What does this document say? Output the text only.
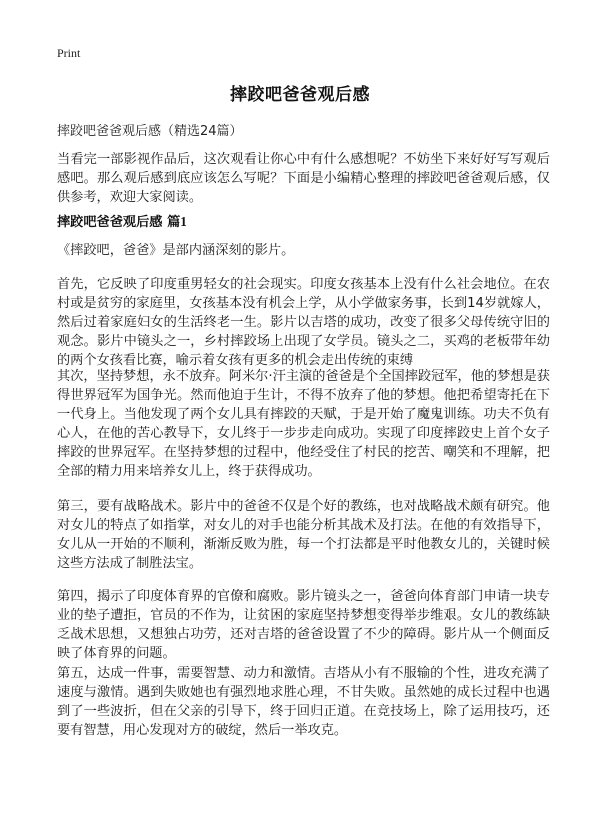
Print
摔跤吧爸爸观后感
摔跤吧爸爸观后感（精选24篇）
当看完一部影视作品后，这次观看让你心中有什么感想呢？不妨坐下来好好写写观后感吧。那么观后感到底应该怎么写呢？下面是小编精心整理的摔跤吧爸爸观后感，仅供参考，欢迎大家阅读。
摔跤吧爸爸观后感 篇1
《摔跤吧，爸爸》是部内涵深刻的影片。
首先，它反映了印度重男轻女的社会现实。印度女孩基本上没有什么社会地位。在农村或是贫穷的家庭里，女孩基本没有机会上学，从小学做家务事，长到14岁就嫁人，然后过着家庭妇女的生活终老一生。影片以吉塔的成功，改变了很多父母传统守旧的观念。影片中镜头之一，乡村摔跤场上出现了女学员。镜头之二，买鸡的老板带年幼的两个女孩看比赛，喻示着女孩有更多的机会走出传统的束缚
其次，坚持梦想，永不放弃。阿米尔·汗主演的爸爸是个全国摔跤冠军，他的梦想是获得世界冠军为国争光。然而他迫于生计，不得不放弃了他的梦想。他把希望寄托在下一代身上。当他发现了两个女儿具有摔跤的天赋，于是开始了魔鬼训练。功夫不负有心人，在他的苦心教导下，女儿终于一步步走向成功。实现了印度摔跤史上首个女子摔跤的世界冠军。在坚持梦想的过程中，他经受住了村民的挖苦、嘲笑和不理解，把全部的精力用来培养女儿上，终于获得成功。
第三，要有战略战术。影片中的爸爸不仅是个好的教练，也对战略战术颇有研究。他对女儿的特点了如指掌，对女儿的对手也能分析其战术及打法。在他的有效指导下，女儿从一开始的不顺利，渐渐反败为胜，每一个打法都是平时他教女儿的，关键时候这些方法成了制胜法宝。
第四，揭示了印度体育界的官僚和腐败。影片镜头之一，爸爸向体育部门申请一块专业的垫子遭拒，官员的不作为，让贫困的家庭坚持梦想变得举步维艰。女儿的教练缺乏战术思想，又想独占功劳，还对吉塔的爸爸设置了不少的障碍。影片从一个侧面反映了体育界的问题。
第五，达成一件事，需要智慧、动力和激情。吉塔从小有不服输的个性，进攻充满了速度与激情。遇到失败她也有强烈地求胜心理，不甘失败。虽然她的成长过程中也遇到了一些波折，但在父亲的引导下，终于回归正道。在竞技场上，除了运用技巧，还要有智慧，用心发现对方的破绽，然后一举攻克。
